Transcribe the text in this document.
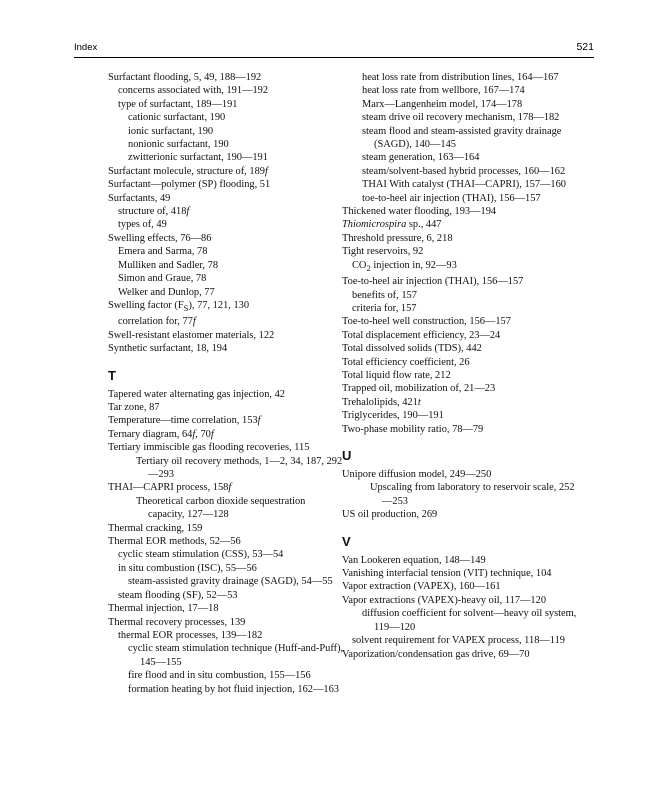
Index	521

Surfactant flooding, 5, 49, 188—192

concerns associated with, 191—192

type of surfactant, 189—191

cationic surfactant, 190

ionic surfactant, 190

nonionic surfactant, 190

zwitterionic surfactant, 190—191

Surfactant molecule, structure of, 189f

Surfactant—polymer (SP) flooding, 51

Surfactants, 49

structure of, 418f

types of, 49

Swelling effects, 76—86

Emera and Sarma, 78

Mulliken and Sadler, 78

Simon and Graue, 78

Welker and Dunlop, 77

Swelling factor $(F_S)$, 77, 121, 130

correlation for, 77f

Swell-resistant elastomer materials, 122

Synthetic surfactant, 18, 194

T

Tapered water alternating gas injection, 42

Tar zone, 87

Temperature—time correlation, 153f

Ternary diagram, 64f, 70f

Tertiary immiscible gas flooding recoveries, 115

Tertiary oil recovery methods, 1—2, 34, 187, 292—293

THAI—CAPRI process, 158f

Theoretical carbon dioxide sequestration capacity, 127—128

Thermal cracking, 159

Thermal EOR methods, 52—56

cyclic steam stimulation (CSS), 53—54

in situ combustion (ISC), 55—56

steam-assisted gravity drainage (SAGD), 54—55

steam flooding (SF), 52—53

Thermal injection, 17—18

Thermal recovery processes, 139

thermal EOR processes, 139—182

cyclic steam stimulation technique (Huff-and-Puff), 145—155

fire flood and in situ combustion, 155—156

formation heating by hot fluid injection, 162—163

heat loss rate from distribution lines, 164—167

heat loss rate from wellbore, 167—174

Marx—Langenheim model, 174—178

steam drive oil recovery mechanism, 178—182

steam flood and steam-assisted gravity drainage (SAGD), 140—145

steam generation, 163—164

steam/solvent-based hybrid processes, 160—162

THAI With catalyst (THAI—CAPRI), 157—160

toe-to-heel air injection (THAI), 156—157

Thickened water flooding, 193—194

Thiomicrospira sp., 447

Threshold pressure, 6, 218

Tight reservoirs, 92

$CO_2$ injection in, 92—93

Toe-to-heel air injection (THAI), 156—157

benefits of, 157

criteria for, 157

Toe-to-heel well construction, 156—157

Total displacement efficiency, 23—24

Total dissolved solids (TDS), 442

Total efficiency coefficient, 26

Total liquid flow rate, 212

Trapped oil, mobilization of, 21—23

Trehalolipids, 421t

Triglycerides, 190—191

Two-phase mobility ratio, 78—79

U

Unipore diffusion model, 249—250

Upscaling from laboratory to reservoir scale, 252—253

US oil production, 269

V

Van Lookeren equation, 148—149

Vanishing interfacial tension (VIT) technique, 104

Vapor extraction (VAPEX), 160—161

Vapor extractions (VAPEX)-heavy oil, 117—120

diffusion coefficient for solvent—heavy oil system, 119—120

solvent requirement for VAPEX process, 118—119

Vaporization/condensation gas drive, 69—70
